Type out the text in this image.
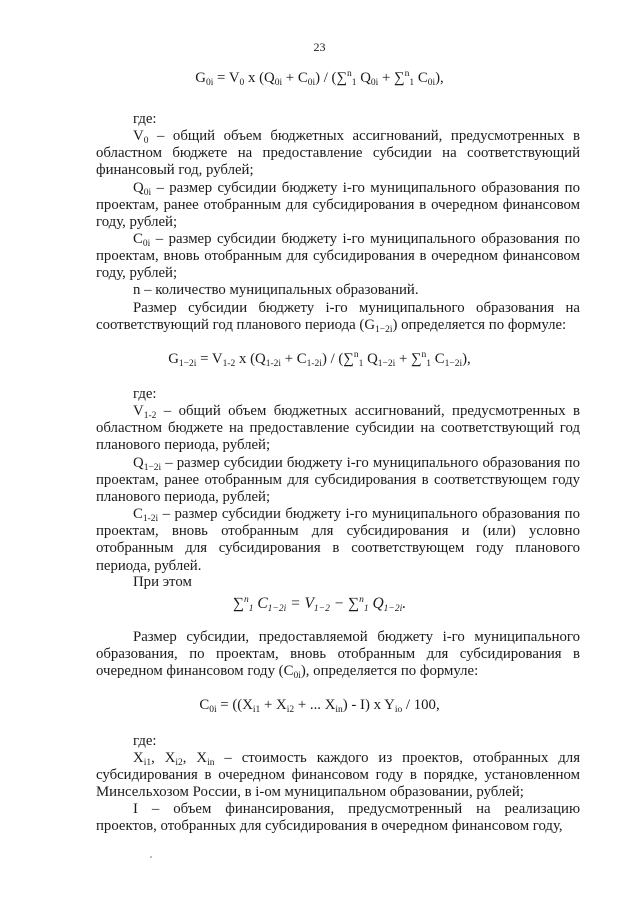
23
$G_{0i} = V_0$ x $(Q_{0i} + C_{0i}) / (\sum^n_1$ $Q_{0i} + \sum^n_1$ $C_{0i}$),
где:

$V_0$ – общий объем бюджетных ассигнований, предусмотренных в областном бюджете на предоставление субсидии на соответствующий финансовый год, рублей;

$Q_{0i}$ – размер субсидии бюджету i-го муниципального образования по проектам, ранее отобранным для субсидирования в очередном финансовом году, рублей;

$C_{0i}$ – размер субсидии бюджету i-го муниципального образования по проектам, вновь отобранным для субсидирования в очередном финансовом году, рублей;

n – количество муниципальных образований.

Размер субсидии бюджету i-го муниципального образования на соответствующий год планового периода $(G_{1-2i})$ определяется по формуле:

$G_{1-2i} = V_{1-2}$ x $(Q_{1-2i} + C_{1-2i}) / (\sum^n_1$ $Q_{1-2i} + \sum^n_1$ $C_{1-2i}$),
где:

$V_{1-2}$ – общий объем бюджетных ассигнований, предусмотренных в областном бюджете на предоставление субсидии на соответствующий год планового периода, рублей;

$Q_{1-2i}$ – размер субсидии бюджету i-го муниципального образования по проектам, ранее отобранным для субсидирования в соответствующем году планового периода, рублей;

$C_{1-2i}$ – размер субсидии бюджету i-го муниципального образования по проектам, вновь отобранным для субсидирования и (или) условно отобранным для субсидирования в соответствующем году планового периода, рублей.

При этом
∑$^n_1$ $C_{1-2i} = V_{1-2} - \sum^n_1$ $Q_{1-2i}$.

Размер субсидии, предоставляемой бюджету i-го муниципального образования, по проектам, вновь отобранным для субсидирования в очередном финансовом году $(C_{0i})$, определяется по формуле:

$C_{0i} = ((X_{i1} + X_{i2}$ + ... $X_{in}) - I$) x $Y_{io} / 100$,
где:

$X_{i1}$, $X_{i2}$, $X_{in}$ – стоимость каждого из проектов, отобранных для субсидирования в очередном финансовом году в порядке, установленном Минсельхозом России, в i-ом муниципальном образовании, рублей;

I – объем финансирования, предусмотренный на реализацию проектов, отобранных для субсидирования в очередном финансовом году,
